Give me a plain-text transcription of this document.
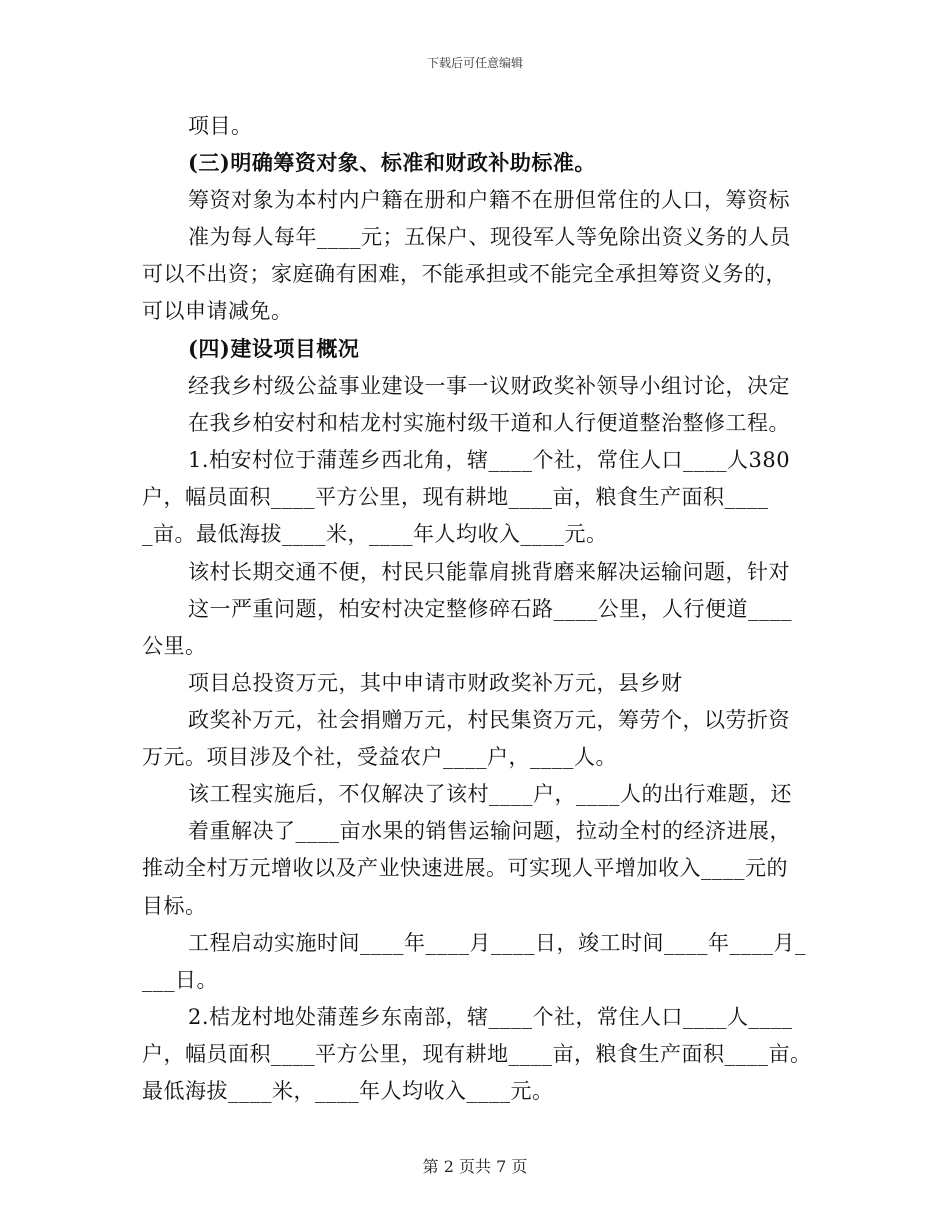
下载后可任意编辑
项目。
(三)明确筹资对象、标准和财政补助标准。
筹资对象为本村内户籍在册和户籍不在册但常住的人口，筹资标
准为每人每年____元；五保户、现役军人等免除出资义务的人员
可以不出资；家庭确有困难，不能承担或不能完全承担筹资义务的，
可以申请减免。
(四)建设项目概况
经我乡村级公益事业建设一事一议财政奖补领导小组讨论，决定
在我乡柏安村和桔龙村实施村级干道和人行便道整治整修工程。
1.柏安村位于蒲莲乡西北角，辖____个社，常住人口____人380
户，幅员面积____平方公里，现有耕地____亩，粮食生产面积____
_亩。最低海拔____米，____年人均收入____元。
该村长期交通不便，村民只能靠肩挑背磨来解决运输问题，针对
这一严重问题，柏安村决定整修碎石路____公里，人行便道____
公里。
项目总投资万元，其中申请市财政奖补万元，县乡财
政奖补万元，社会捐赠万元，村民集资万元，筹劳个，以劳折资
万元。项目涉及个社，受益农户____户，____人。
该工程实施后，不仅解决了该村____户，____人的出行难题，还
着重解决了____亩水果的销售运输问题，拉动全村的经济进展，
推动全村万元增收以及产业快速进展。可实现人平增加收入____元的
目标。
工程启动实施时间____年____月____日，竣工时间____年____月_
___日。
2.桔龙村地处蒲莲乡东南部，辖____个社，常住人口____人____
户，幅员面积____平方公里，现有耕地____亩，粮食生产面积____亩。
最低海拔____米，____年人均收入____元。
第 2 页共 7 页
